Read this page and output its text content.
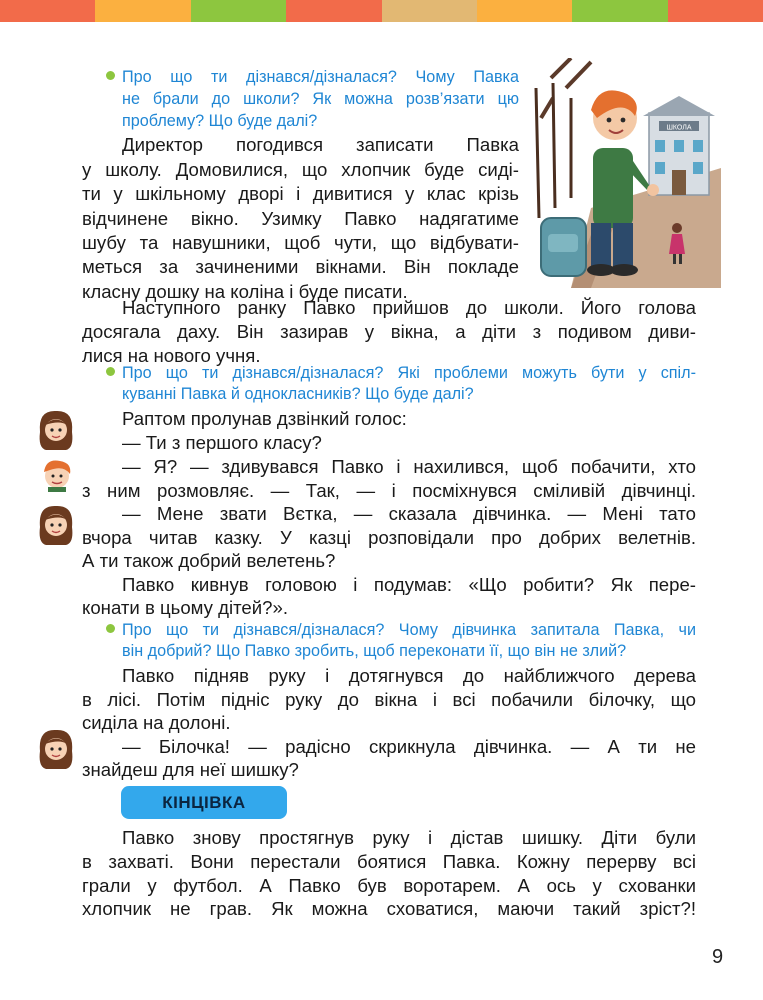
ШКОЛА
Про що ти дізнався/дізналася? Чому Павка
не брали до школи? Як можна розв’язати цю
проблему? Що буде далі?
Директор погодився записати Павка
у школу. Домовилися, що хлопчик буде сиді-
ти у шкільному дворі і дивитися у клас крізь
відчинене вікно. Узимку Павко надягатиме
шубу та навушники, щоб чути, що відбувати-
меться за зачиненими вікнами. Він покладе
класну дошку на коліна і буде писати.
Наступного ранку Павко прийшов до школи. Його голова
досягала даху. Він зазирав у вікна, а діти з подивом диви-
лися на нового учня.
Про що ти дізнався/дізналася? Які проблеми можуть бути у спіл-
куванні Павка й однокласників? Що буде далі?
Раптом пролунав дзвінкий голос:
— Ти з першого класу?
— Я? — здивувався Павко і нахилився, щоб побачити, хто
з ним розмовляє. — Так, — і посміхнувся сміливій дівчинці.
— Мене звати Вєтка, — сказала дівчинка. — Мені тато
вчора читав казку. У казці розповідали про добрих велетнів.
А ти також добрий велетень?
Павко кивнув головою і подумав: «Що робити? Як пере-
конати в цьому дітей?».
Про що ти дізнався/дізналася? Чому дівчинка запитала Павка, чи
він добрий? Що Павко зробить, щоб переконати її, що він не злий?
Павко підняв руку і дотягнувся до найближчого дерева
в лісі. Потім підніс руку до вікна і всі побачили білочку, що
сиділа на долоні.
— Білочка! — радісно скрикнула дівчинка. — А ти не
знайдеш для неї шишку?
КІНЦІВКА
Павко знову простягнув руку і дістав шишку. Діти були
в захваті. Вони перестали боятися Павка. Кожну перерву всі
грали у футбол. А Павко був воротарем. А ось у схованки
хлопчик не грав. Як можна сховатися, маючи такий зріст?!
9
